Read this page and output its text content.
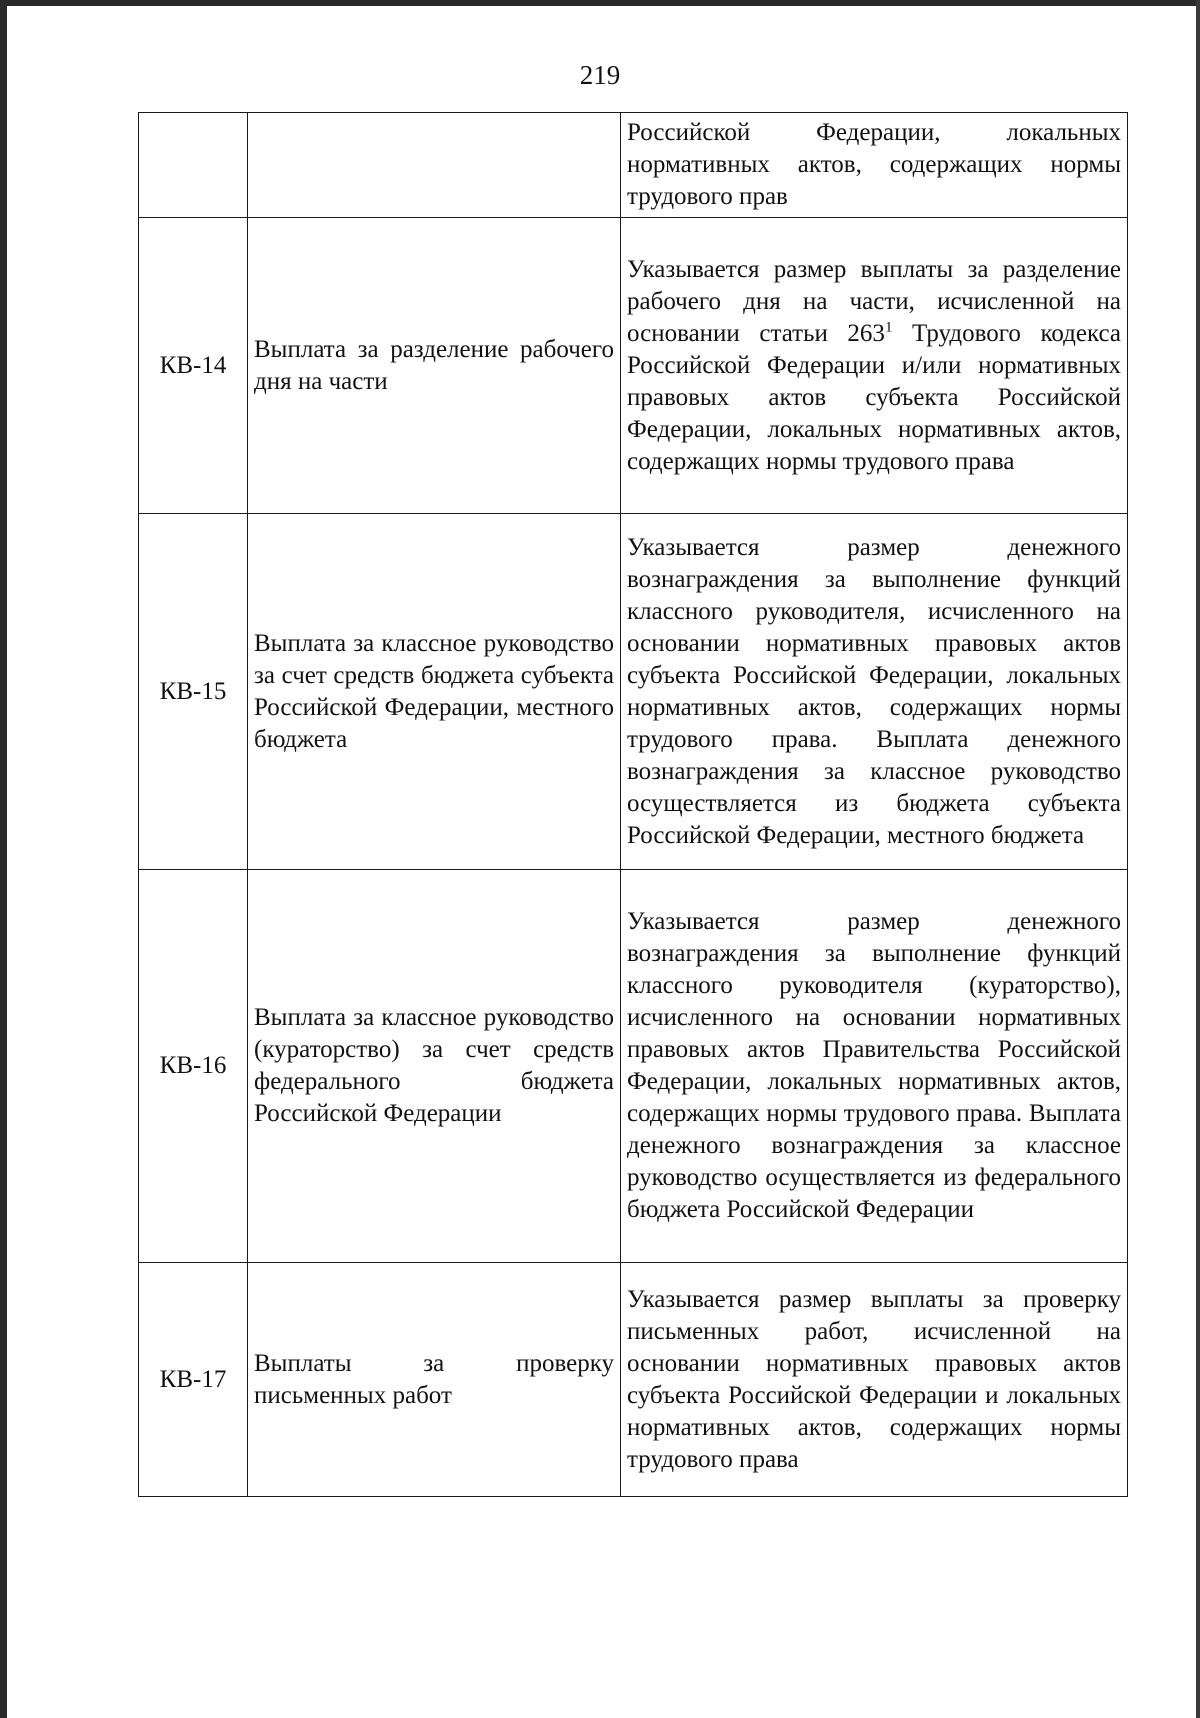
219

		Российской Федерации, локальных нормативных актов, содержащих нормы трудового прав

КВ-14	Выплата за разделение рабочего дня на части	Указывается размер выплаты за разделение рабочего дня на части, исчисленной на основании статьи $263^1$ Трудового кодекса Российской Федерации и/или нормативных правовых актов субъекта Российской Федерации, локальных нормативных актов, содержащих нормы трудового права

КВ-15	Выплата за классное руководство за счет средств бюджета субъекта Российской Федерации, местного бюджета	Указывается размер денежного вознаграждения за выполнение функций классного руководителя, исчисленного на основании нормативных правовых актов субъекта Российской Федерации, локальных нормативных актов, содержащих нормы трудового права. Выплата денежного вознаграждения за классное руководство осуществляется из бюджета субъекта Российской Федерации, местного бюджета

КВ-16	Выплата за классное руководство (кураторство) за счет средств федерального бюджета Российской Федерации	Указывается размер денежного вознаграждения за выполнение функций классного руководителя (кураторство), исчисленного на основании нормативных правовых актов Правительства Российской Федерации, локальных нормативных актов, содержащих нормы трудового права. Выплата денежного вознаграждения за классное руководство осуществляется из федерального бюджета Российской Федерации

КВ-17	Выплаты за проверку письменных работ	Указывается размер выплаты за проверку письменных работ, исчисленной на основании нормативных правовых актов субъекта Российской Федерации и локальных нормативных актов, содержащих нормы трудового права
